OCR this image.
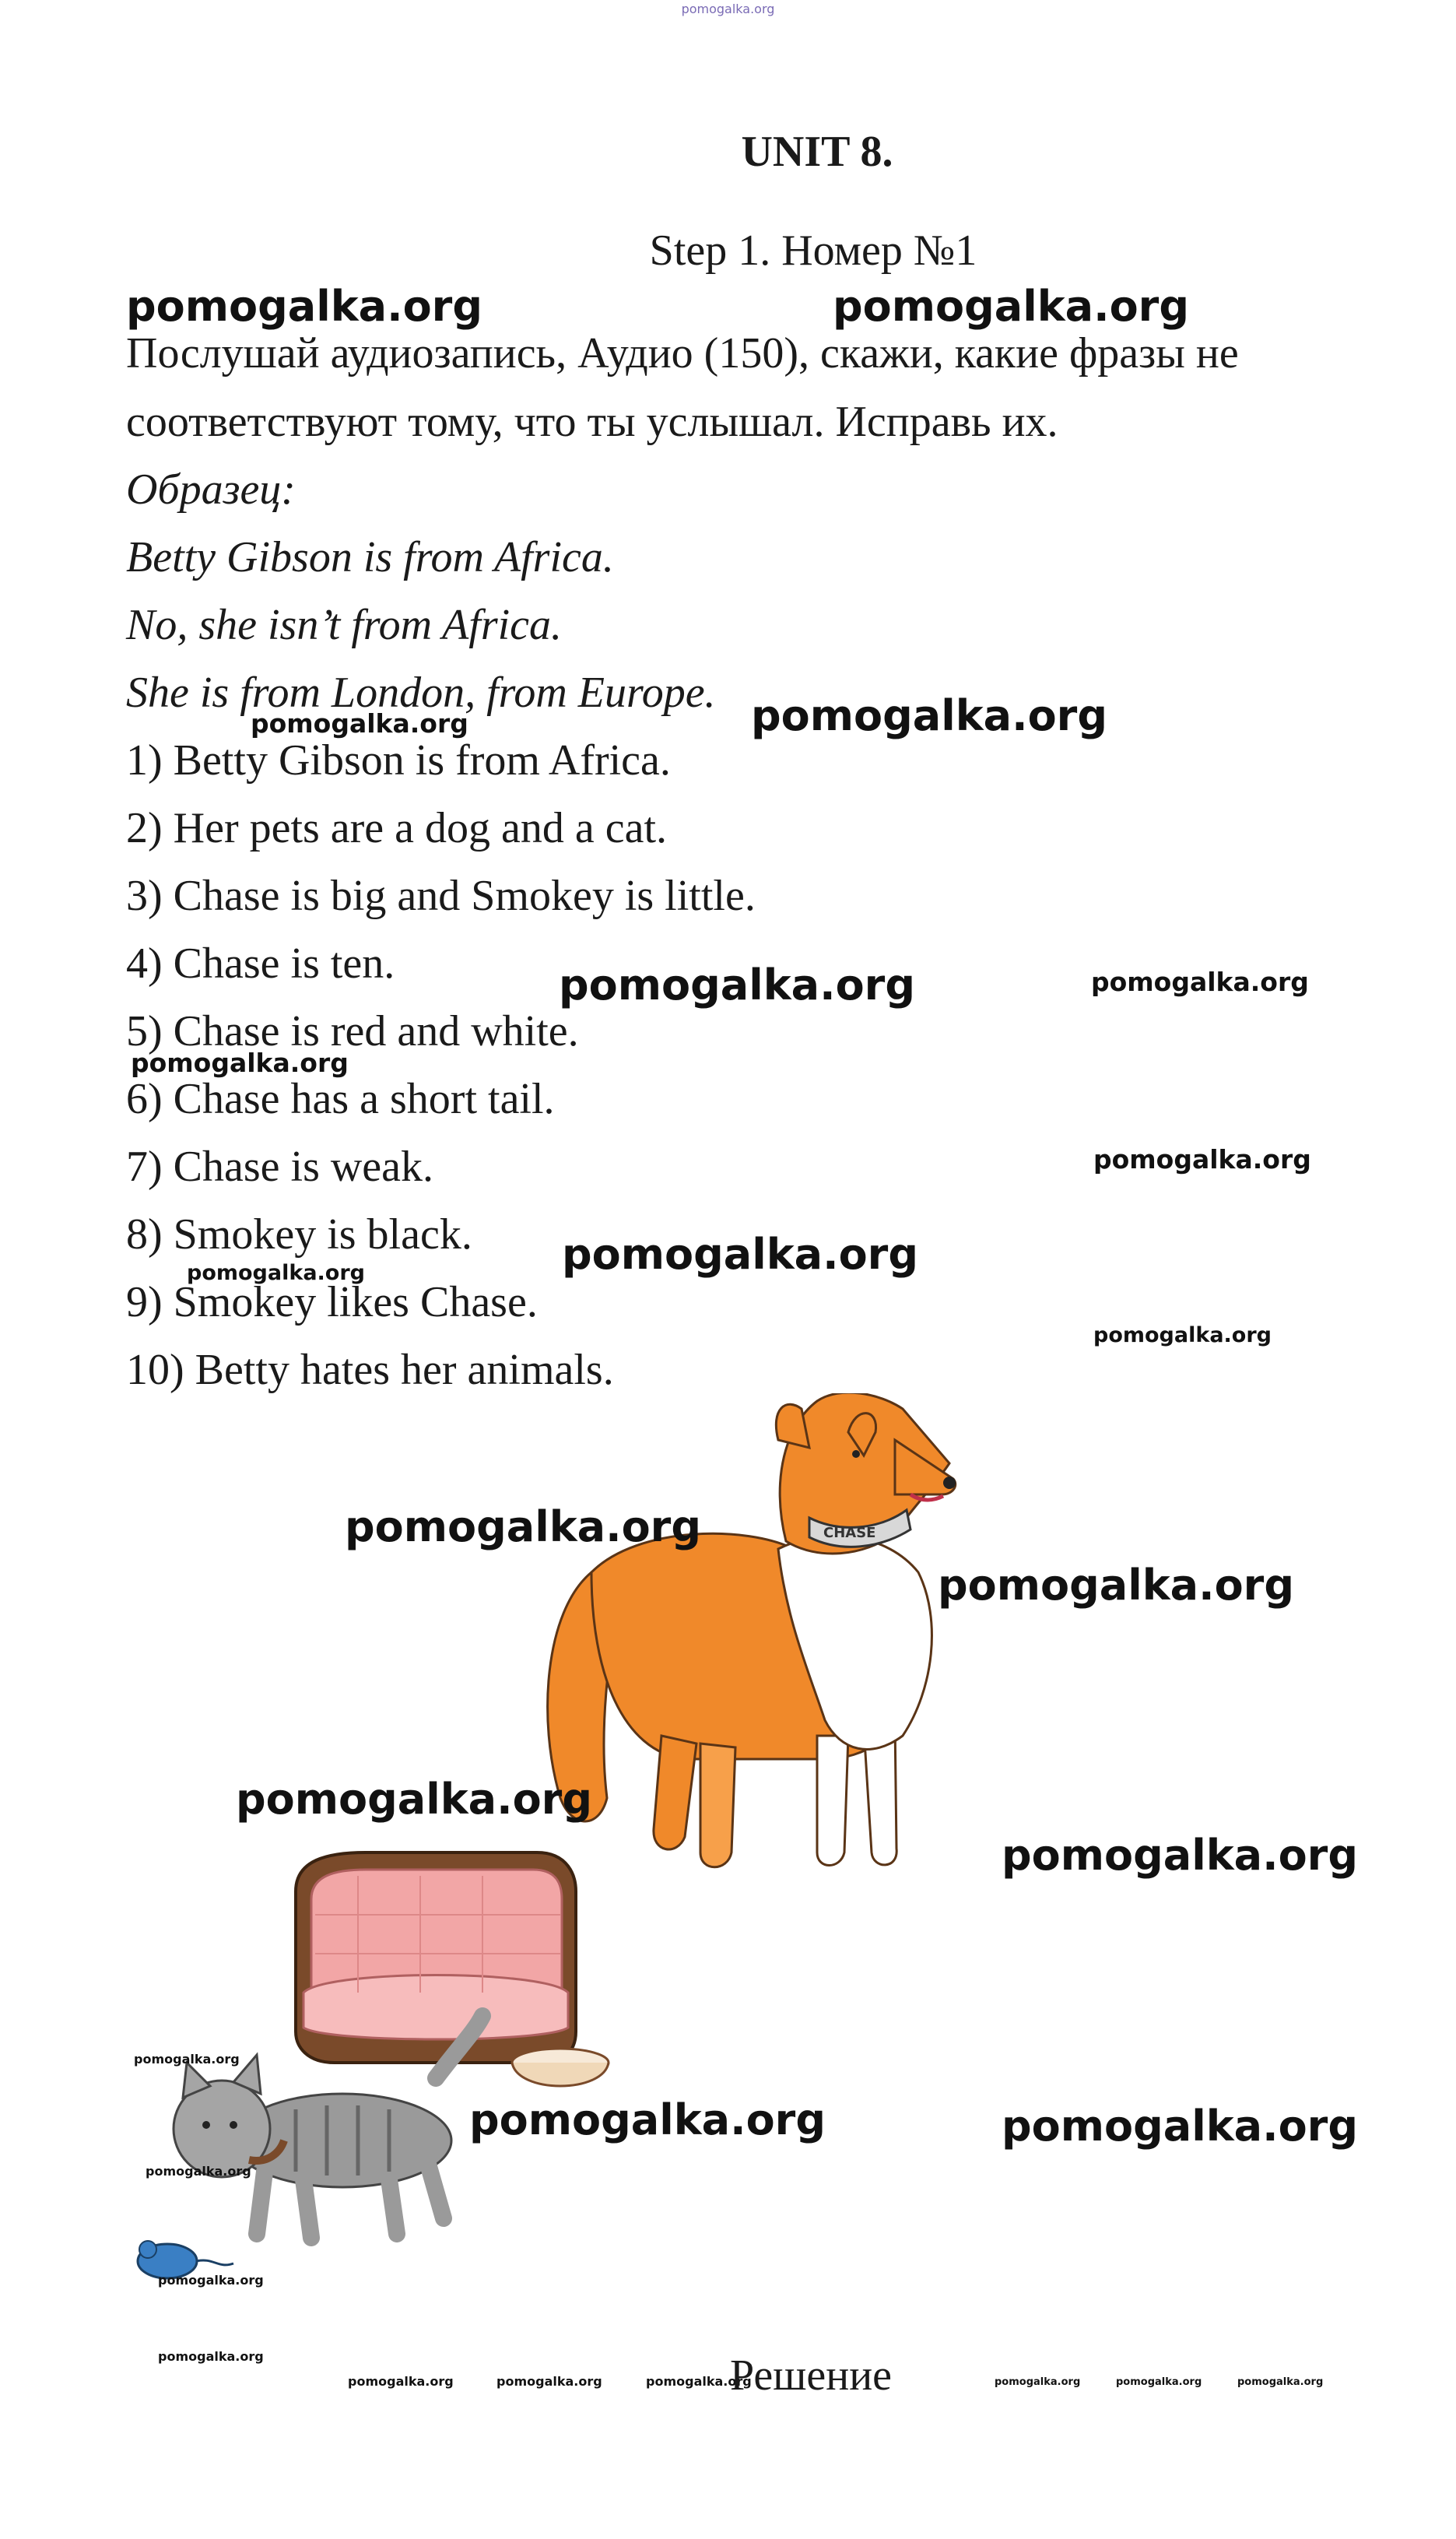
pomogalka.org
UNIT 8.
Step 1. Номер №1
Послушай аудиозапись, Аудио (150), скажи, какие фразы не
соответствуют тому, что ты услышал. Исправь их.
Образец:
Betty Gibson is from Africa.
No, she isn’t from Africa.
She is from London, from Europe.
1) Betty Gibson is from Africa.
2) Her pets are a dog and a cat.
3) Chase is big and Smokey is little.
4) Chase is ten.
5) Chase is red and white.
6) Chase has a short tail.
7) Chase is weak.
8) Smokey is black.
9) Smokey likes Chase.
10) Betty hates her animals.
CHASE
pomogalka.org	pomogalka.org
pomogalka.org
pomogalka.org
pomogalka.org	pomogalka.org
pomogalka.org
pomogalka.org
pomogalka.org
pomogalka.org
pomogalka.org
pomogalka.org
pomogalka.org
pomogalka.org
pomogalka.org
pomogalka.org
pomogalka.org	pomogalka.org
pomogalka.org
pomogalka.org
pomogalka.org
pomogalka.org	pomogalka.org	pomogalka.org	pomogalka.org	pomogalka.org	pomogalka.org
Решение
